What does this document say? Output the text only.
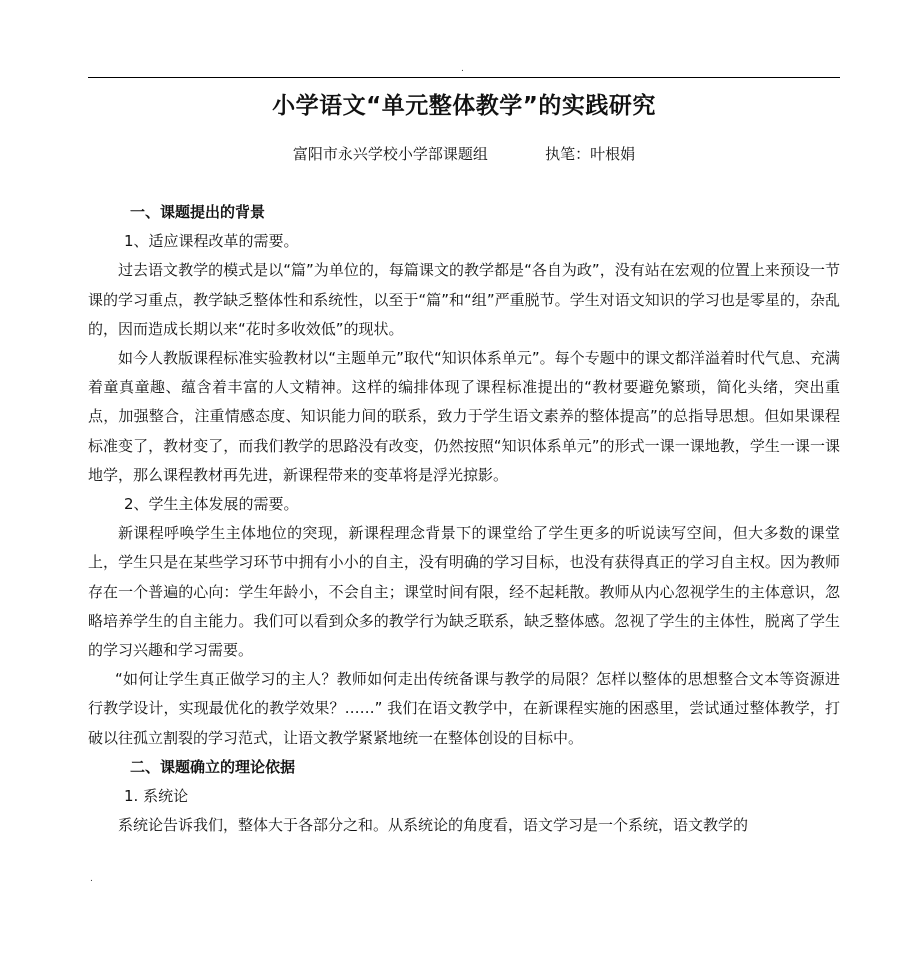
.
小学语文“单元整体教学”的实践研究
富阳市永兴学校小学部课题组            执笔：叶根娟

一、课题提出的背景

1、适应课程改革的需要。

过去语文教学的模式是以“篇”为单位的，每篇课文的教学都是“各自为政”，没有站在宏观的位置上来预设一节课的学习重点，教学缺乏整体性和系统性，以至于“篇”和“组”严重脱节。学生对语文知识的学习也是零星的，杂乱的，因而造成长期以来“花时多收效低”的现状。

如今人教版课程标准实验教材以“主题单元”取代“知识体系单元”。每个专题中的课文都洋溢着时代气息、充满着童真童趣、蕴含着丰富的人文精神。这样的编排体现了课程标准提出的“教材要避免繁琐，简化头绪，突出重点，加强整合，注重情感态度、知识能力间的联系，致力于学生语文素养的整体提高”的总指导思想。但如果课程标准变了，教材变了，而我们教学的思路没有改变，仍然按照“知识体系单元”的形式一课一课地教，学生一课一课地学，那么课程教材再先进，新课程带来的变革将是浮光掠影。

2、学生主体发展的需要。

新课程呼唤学生主体地位的突现，新课程理念背景下的课堂给了学生更多的听说读写空间，但大多数的课堂上，学生只是在某些学习环节中拥有小小的自主，没有明确的学习目标，也没有获得真正的学习自主权。因为教师存在一个普遍的心向：学生年龄小，不会自主；课堂时间有限，经不起耗散。教师从内心忽视学生的主体意识，忽略培养学生的自主能力。我们可以看到众多的教学行为缺乏联系，缺乏整体感。忽视了学生的主体性，脱离了学生的学习兴趣和学习需要。

“如何让学生真正做学习的主人？教师如何走出传统备课与教学的局限？怎样以整体的思想整合文本等资源进行教学设计，实现最优化的教学效果？……” 我们在语文教学中，在新课程实施的困惑里，尝试通过整体教学，打破以往孤立割裂的学习范式，让语文教学紧紧地统一在整体创设的目标中。

二、课题确立的理论依据

1. 系统论

系统论告诉我们，整体大于各部分之和。从系统论的角度看，语文学习是一个系统，语文教学的

.
